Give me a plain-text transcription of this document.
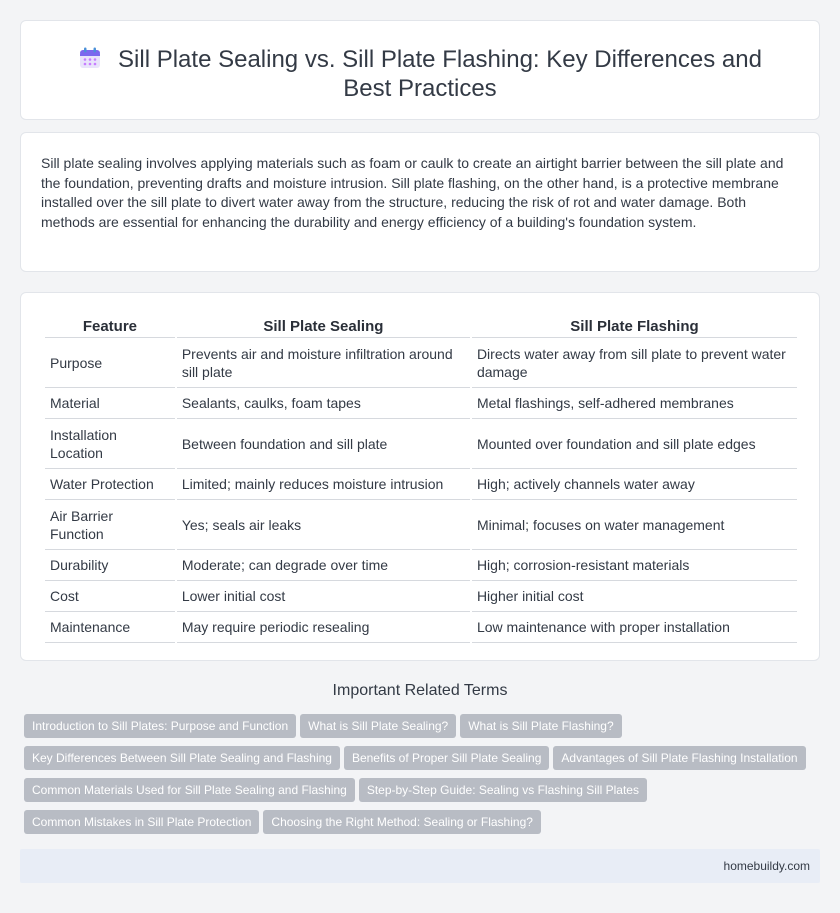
Sill Plate Sealing vs. Sill Plate Flashing: Key Differences and Best Practices

Sill plate sealing involves applying materials such as foam or caulk to create an airtight barrier between the sill plate and the foundation, preventing drafts and moisture intrusion. Sill plate flashing, on the other hand, is a protective membrane installed over the sill plate to divert water away from the structure, reducing the risk of rot and water damage. Both methods are essential for enhancing the durability and energy efficiency of a building's foundation system.

Feature	Sill Plate Sealing	Sill Plate Flashing
Purpose	Prevents air and moisture infiltration around sill plate	Directs water away from sill plate to prevent water damage
Material	Sealants, caulks, foam tapes	Metal flashings, self-adhered membranes
Installation Location	Between foundation and sill plate	Mounted over foundation and sill plate edges
Water Protection	Limited; mainly reduces moisture intrusion	High; actively channels water away
Air Barrier Function	Yes; seals air leaks	Minimal; focuses on water management
Durability	Moderate; can degrade over time	High; corrosion-resistant materials
Cost	Lower initial cost	Higher initial cost
Maintenance	May require periodic resealing	Low maintenance with proper installation
Important Related Terms
Introduction to Sill Plates: Purpose and Function What is Sill Plate Sealing? What is Sill Plate Flashing?
Key Differences Between Sill Plate Sealing and Flashing Benefits of Proper Sill Plate Sealing Advantages of Sill Plate Flashing Installation
Common Materials Used for Sill Plate Sealing and Flashing Step-by-Step Guide: Sealing vs Flashing Sill Plates
Common Mistakes in Sill Plate Protection Choosing the Right Method: Sealing or Flashing?
homebuildy.com
